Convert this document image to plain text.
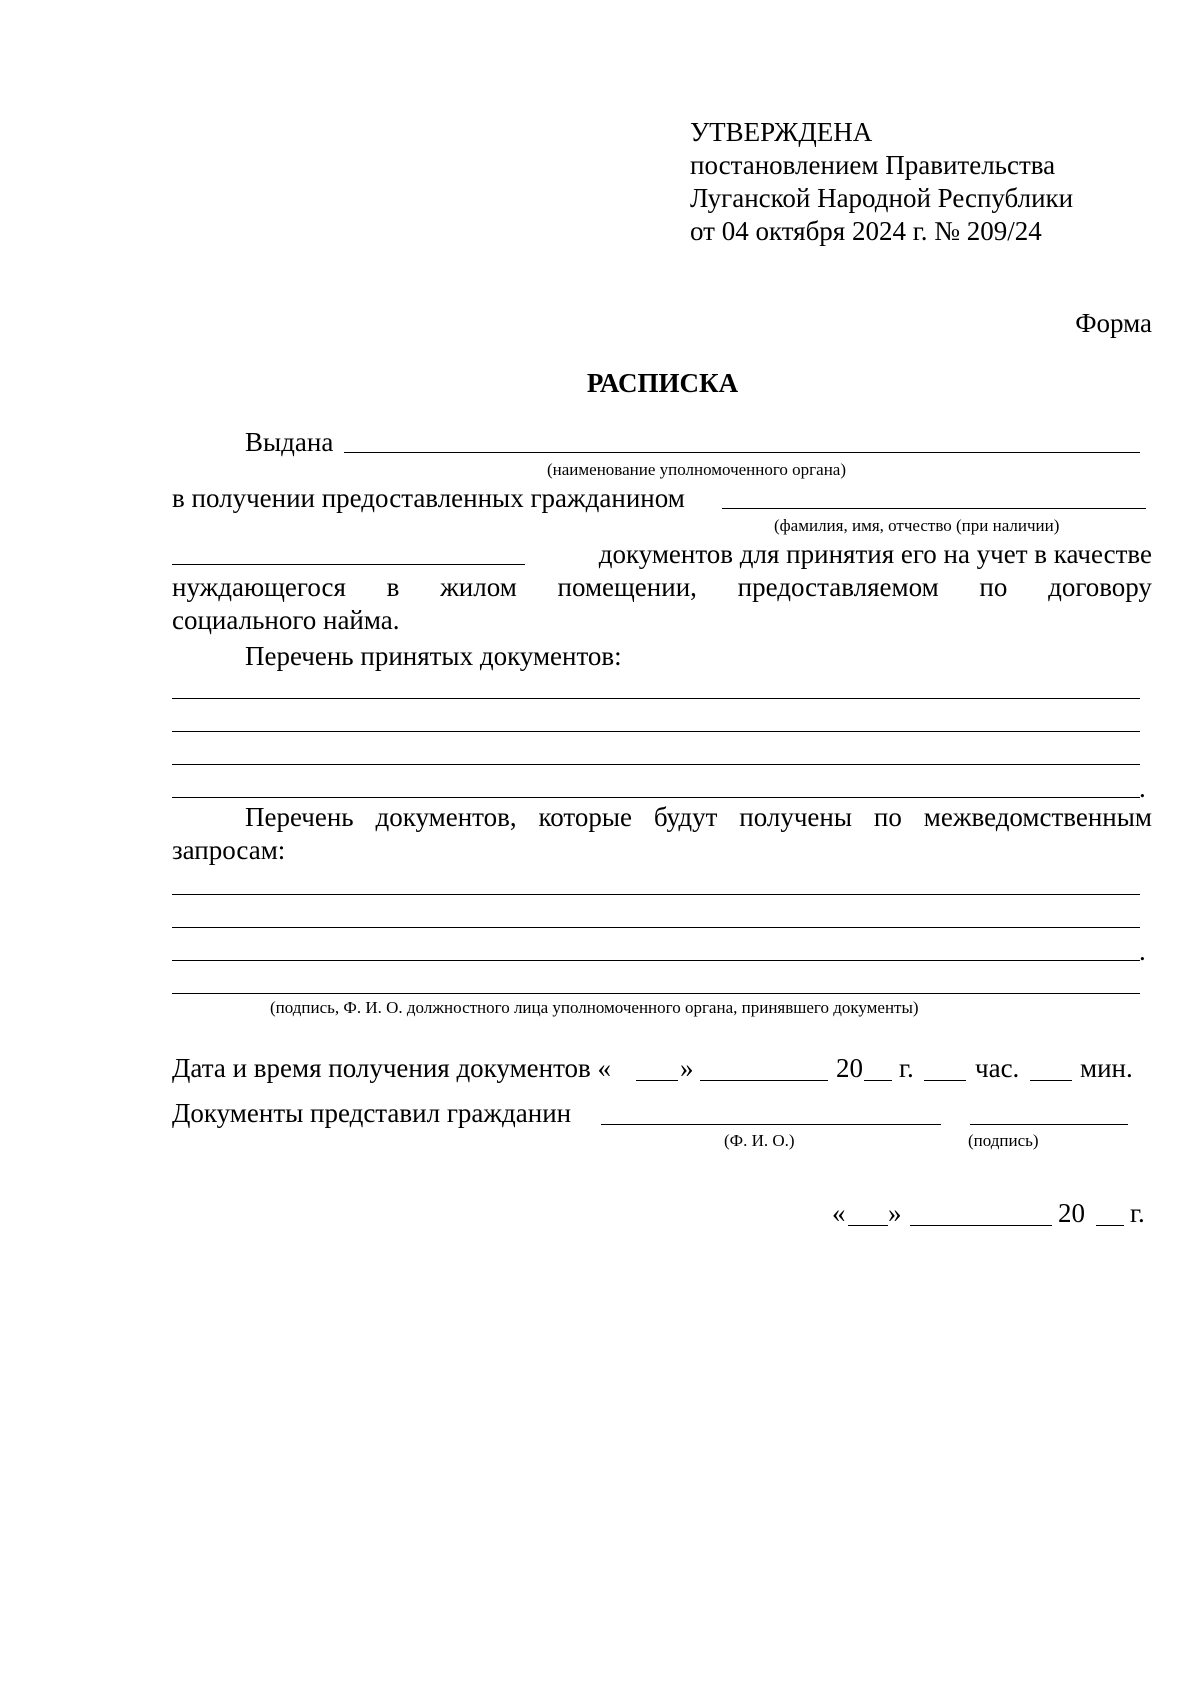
УТВЕРЖДЕНА
постановлением Правительства
Луганской Народной Республики
от 04 октября 2024 г. № 209/24
Форма
РАСПИСКА
Выдана
(наименование уполномоченного органа)
в получении предоставленных гражданином
(фамилия, имя, отчество (при наличии)
документов для принятия его на учет в качестве
нуждающегося в жилом помещении, предоставляемом по договору
социального найма.
Перечень принятых документов:
.
Перечень документов, которые будут получены по межведомственным
запросам:
.
(подпись, Ф. И. О. должностного лица уполномоченного органа, принявшего документы)
Дата и время получения документов «	»	20 г. час. мин.
Документы представил гражданин
(Ф. И. О.)	(подпись)
« »	20 г.
